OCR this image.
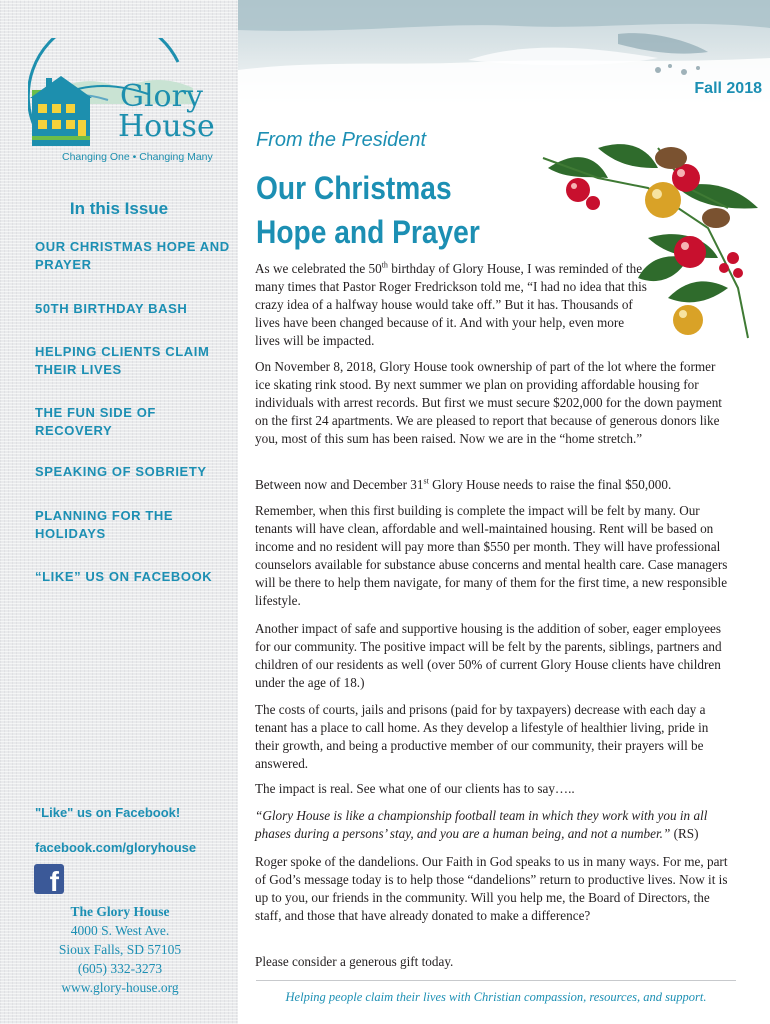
Glory
House
Changing One • Changing Many
In this Issue
OUR CHRISTMAS HOPE AND PRAYER
50TH BIRTHDAY BASH
HELPING CLIENTS CLAIM THEIR LIVES
THE FUN SIDE OF RECOVERY
SPEAKING OF SOBRIETY
PLANNING FOR THE HOLIDAYS
“LIKE” US ON FACEBOOK
"Like" us on Facebook!
facebook.com/gloryhouse
f
The Glory House
4000 S. West Ave.
Sioux Falls, SD 57105
(605) 332-3273
www.glory-house.org
Fall 2018
From the President
Our Christmas
Hope and Prayer

As we celebrated the 50th birthday of Glory House, I was reminded of the many times that Pastor Roger Fredrickson told me, “I had no idea that this crazy idea of a halfway house would take off.” But it has. Thousands of lives have been changed because of it. And with your help, even more lives will be impacted.

On November 8, 2018, Glory House took ownership of part of the lot where the former ice skating rink stood. By next summer we plan on providing affordable housing for individuals with arrest records. But first we must secure $202,000 for the down payment on the first 24 apartments. We are pleased to report that because of generous donors like you, most of this sum has been raised. Now we are in the “home stretch.”

Between now and December 31st Glory House needs to raise the final $50,000.

Remember, when this first building is complete the impact will be felt by many. Our tenants will have clean, affordable and well-maintained housing. Rent will be based on income and no resident will pay more than $550 per month. They will have professional counselors available for substance abuse concerns and mental health care. Case managers will be there to help them navigate, for many of them for the first time, a new responsible lifestyle.

Another impact of safe and supportive housing is the addition of sober, eager employees for our community. The positive impact will be felt by the parents, siblings, partners and children of our residents as well (over 50% of current Glory House clients have children under the age of 18.)

The costs of courts, jails and prisons (paid for by taxpayers) decrease with each day a tenant has a place to call home. As they develop a lifestyle of healthier living, pride in their growth, and being a productive member of our community, their prayers will be answered.

The impact is real. See what one of our clients has to say…..

“Glory House is like a championship football team in which they work with you in all phases during a persons’ stay, and you are a human being, and not a number.” (RS)

Roger spoke of the dandelions. Our Faith in God speaks to us in many ways. For me, part of God’s message today is to help those “dandelions” return to productive lives. Now it is up to you, our friends in the community. Will you help me, the Board of Directors, the staff, and those that have already donated to make a difference?

Please consider a generous gift today.

Helping people claim their lives with Christian compassion, resources, and support.
